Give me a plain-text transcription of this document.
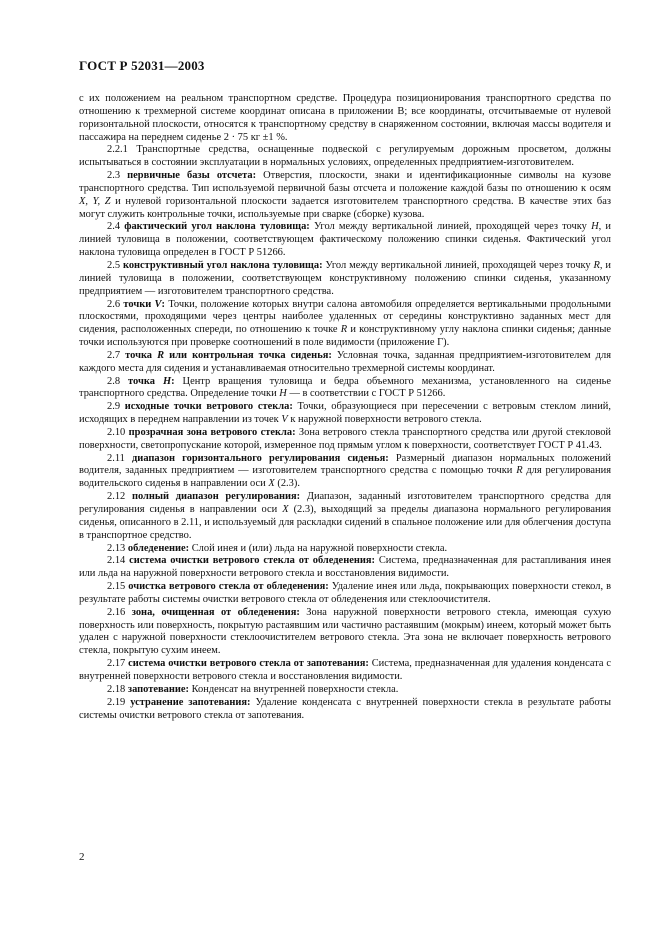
ГОСТ Р 52031—2003

с их положением на реальном транспортном средстве. Процедура позиционирования транспортного средства по отношению к трехмерной системе координат описана в приложении В; все координаты, отсчитываемые от нулевой горизонтальной плоскости, относятся к транспортному средству в снаряженном состоянии, включая массы водителя и пассажира на переднем сиденье 2 · 75 кг ±1 %.

2.2.1 Транспортные средства, оснащенные подвеской с регулируемым дорожным просветом, должны испытываться в состоянии эксплуатации в нормальных условиях, определенных предприятием-изготовителем.

2.3 первичные базы отсчета: Отверстия, плоскости, знаки и идентификационные символы на кузове транспортного средства. Тип используемой первичной базы отсчета и положение каждой базы по отношению к осям X, Y, Z и нулевой горизонтальной плоскости задается изготовителем транспортного средства. В качестве этих баз могут служить контрольные точки, используемые при сварке (сборке) кузова.

2.4 фактический угол наклона туловища: Угол между вертикальной линией, проходящей через точку H, и линией туловища в положении, соответствующем фактическому положению спинки сиденья. Фактический угол наклона туловища определен в ГОСТ Р 51266.

2.5 конструктивный угол наклона туловища: Угол между вертикальной линией, проходящей через точку R, и линией туловища в положении, соответствующем конструктивному положению спинки сиденья, указанному предприятием — изготовителем транспортного средства.

2.6 точки V: Точки, положение которых внутри салона автомобиля определяется вертикальными продольными плоскостями, проходящими через центры наиболее удаленных от середины конструктивно заданных мест для сидения, расположенных спереди, по отношению к точке R и конструктивному углу наклона спинки сиденья; данные точки используются при проверке соотношений в поле видимости (приложение Г).

2.7 точка R или контрольная точка сиденья: Условная точка, заданная предприятием-изготовителем для каждого места для сидения и устанавливаемая относительно трехмерной системы координат.

2.8 точка H: Центр вращения туловища и бедра объемного механизма, установленного на сиденье транспортного средства. Определение точки H — в соответствии с ГОСТ Р 51266.

2.9 исходные точки ветрового стекла: Точки, образующиеся при пересечении с ветровым стеклом линий, исходящих в переднем направлении из точек V к наружной поверхности ветрового стекла.

2.10 прозрачная зона ветрового стекла: Зона ветрового стекла транспортного средства или другой стекловой поверхности, светопропускание которой, измеренное под прямым углом к поверхности, соответствует ГОСТ Р 41.43.

2.11 диапазон горизонтального регулирования сиденья: Размерный диапазон нормальных положений водителя, заданных предприятием — изготовителем транспортного средства с помощью точки R для регулирования водительского сиденья в направлении оси X (2.3).

2.12 полный диапазон регулирования: Диапазон, заданный изготовителем транспортного средства для регулирования сиденья в направлении оси X (2.3), выходящий за пределы диапазона нормального регулирования сиденья, описанного в 2.11, и используемый для раскладки сидений в спальное положение или для облегчения доступа в транспортное средство.

2.13 обледенение: Слой инея и (или) льда на наружной поверхности стекла.

2.14 система очистки ветрового стекла от обледенения: Система, предназначенная для растапливания инея или льда на наружной поверхности ветрового стекла и восстановления видимости.

2.15 очистка ветрового стекла от обледенения: Удаление инея или льда, покрывающих поверхности стекол, в результате работы системы очистки ветрового стекла от обледенения или стеклоочистителя.

2.16 зона, очищенная от обледенения: Зона наружной поверхности ветрового стекла, имеющая сухую поверхность или поверхность, покрытую растаявшим или частично растаявшим (мокрым) инеем, который может быть удален с наружной поверхности стеклоочистителем ветрового стекла. Эта зона не включает поверхность ветрового стекла, покрытую сухим инеем.

2.17 система очистки ветрового стекла от запотевания: Система, предназначенная для удаления конденсата с внутренней поверхности ветрового стекла и восстановления видимости.

2.18 запотевание: Конденсат на внутренней поверхности стекла.

2.19 устранение запотевания: Удаление конденсата с внутренней поверхности стекла в результате работы системы очистки ветрового стекла от запотевания.

2
